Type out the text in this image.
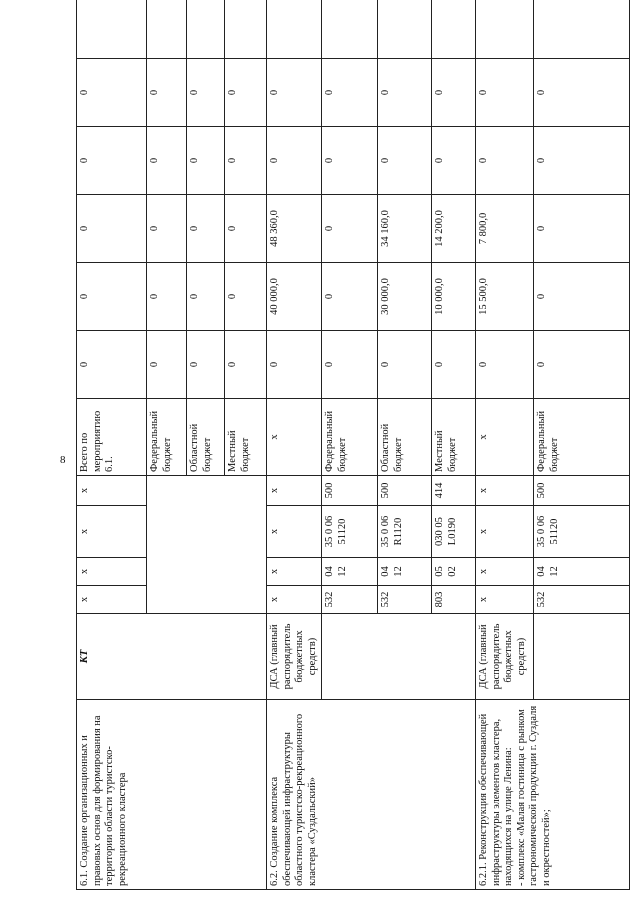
8
6.1. Создание организационных и правовых основ для формирования на территории области туристско-рекреационного кластера	КТ	х	х	х	х	Всего по мероприятию 6.1.	0	0	0	0	0	
						Федеральный бюджет	0	0	0	0	0	
						Областной бюджет	0	0	0	0	0	
						Местный бюджет	0	0	0	0	0	
6.2. Создание комплекса обеспечивающей инфраструктуры областного туристско-рекреационного кластера «Суздальский»	ДСА (главный распорядитель бюджетных средств)	х	х	х	х	х	0	40 000,0	48 360,0	0	0	
		532	04 12	35 0 06 51120	500	Федеральный бюджет	0	0	0	0	0	
		532	04 12	35 0 06 R1120	500	Областной бюджет	0	30 000,0	34 160,0	0	0	
		803	05 02	030 05 L0190	414	Местный бюджет	0	10 000,0	14 200,0	0	0	

6.2.1. Реконструкция обеспечивающей инфраструктуры элементов кластера, находящихся на улице Ленина: - комплекс «Малая гостиница с рынком гастрономической продукции г. Суздаля и окрестностей»;	ДСА (главный распорядитель бюджетных средств)	х	х	х	х	х	0	15 500,0	7 800,0	0	0	
		532	04 12	35 0 06 51120	500	Федеральный бюджет	0	0	0	0	0	
